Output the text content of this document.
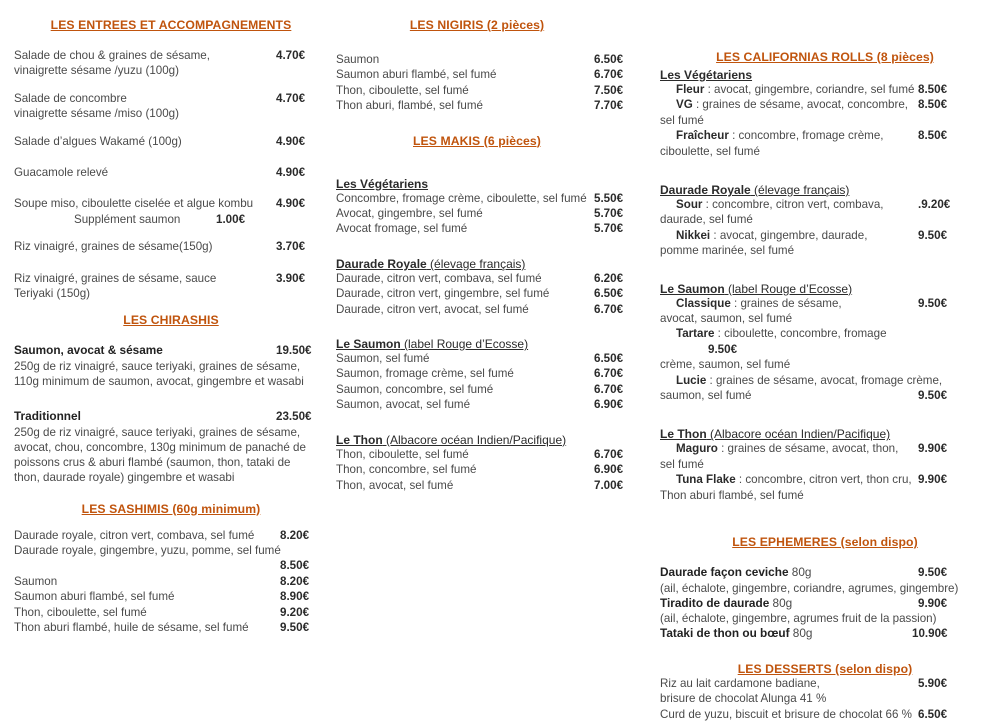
LES ENTREES ET ACCOMPAGNEMENTS
Salade de chou & graines de sésame,	4.70€
vinaigrette sésame /yuzu (100g)
Salade de concombre	4.70€
vinaigrette sésame /miso (100g)
Salade d’algues Wakamé (100g)	4.90€
Guacamole relevé	4.90€
Soupe miso, ciboulette ciselée et algue kombu 4.90€
Supplément saumon	1.00€
Riz vinaigré, graines de sésame(150g)	3.70€
Riz vinaigré, graines de sésame, sauce	3.90€
Teriyaki (150g)
LES CHIRASHIS
Saumon, avocat & sésame	19.50€
250g de riz vinaigré, sauce teriyaki, graines de sésame,
110g minimum de saumon, avocat, gingembre et wasabi
Traditionnel	23.50€
250g de riz vinaigré, sauce teriyaki, graines de sésame,
avocat, chou, concombre, 130g minimum de panaché de
poissons crus & aburi flambé (saumon, thon, tataki de
thon, daurade royale) gingembre et wasabi
LES SASHIMIS (60g minimum)
Daurade royale, citron vert, combava, sel fumé 8.20€
Daurade royale, gingembre, yuzu, pomme, sel fumé
8.50€
Saumon	8.20€
Saumon aburi flambé, sel fumé	8.90€
Thon, ciboulette, sel fumé	9.20€
Thon aburi flambé, huile de sésame, sel fumé	9.50€
LES NIGIRIS (2 pièces)
Saumon	6.50€
Saumon aburi flambé, sel fumé	6.70€
Thon, ciboulette, sel fumé	7.50€
Thon aburi, flambé, sel fumé	7.70€
LES MAKIS (6 pièces)
Les Végétariens
Concombre, fromage crème, ciboulette, sel fumé 5.50€
Avocat, gingembre, sel fumé	5.70€
Avocat fromage, sel fumé	5.70€
Daurade Royale (élevage français)
Daurade, citron vert, combava, sel fumé	6.20€
Daurade, citron vert, gingembre, sel fumé	6.50€
Daurade, citron vert, avocat, sel fumé	6.70€
Le Saumon (label Rouge d’Ecosse)
Saumon, sel fumé	6.50€
Saumon, fromage crème, sel fumé	6.70€
Saumon, concombre, sel fumé	6.70€
Saumon, avocat, sel fumé	6.90€
Le Thon (Albacore océan Indien/Pacifique)
Thon, ciboulette, sel fumé	6.70€
Thon, concombre, sel fumé	6.90€
Thon, avocat, sel fumé	7.00€
LES CALIFORNIAS ROLLS (8 pièces)
Les Végétariens
Fleur : avocat, gingembre, coriandre, sel fumé 8.50€
VG : graines de sésame, avocat, concombre, 8.50€
sel fumé
Fraîcheur : concombre, fromage crème,	8.50€
ciboulette, sel fumé
Daurade Royale (élevage français)
Sour : concombre, citron vert, combava,	.9.20€
daurade, sel fumé
Nikkei : avocat, gingembre, daurade,	9.50€
pomme marinée, sel fumé
Le Saumon (label Rouge d’Ecosse)
Classique : graines de sésame,	9.50€
avocat, saumon, sel fumé
Tartare : ciboulette, concombre, fromage
9.50€
crème, saumon, sel fumé
Lucie : graines de sésame, avocat, fromage crème,
saumon, sel fumé	9.50€
Le Thon (Albacore océan Indien/Pacifique)
Maguro : graines de sésame, avocat, thon, 9.90€
sel fumé
Tuna Flake : concombre, citron vert, thon cru, 9.90€
Thon aburi flambé, sel fumé
LES EPHEMERES (selon dispo)
Daurade façon ceviche 80g	9.50€
(ail, échalote, gingembre, coriandre, agrumes, gingembre)
Tiradito de daurade 80g	9.90€
(ail, échalote, gingembre, agrumes fruit de la passion)
Tataki de thon ou bœuf 80g	10.90€
LES DESSERTS (selon dispo)
Riz au lait cardamone badiane,	5.90€
brisure de chocolat Alunga 41 %
Curd de yuzu, biscuit et brisure de chocolat 66 % 6.50€
